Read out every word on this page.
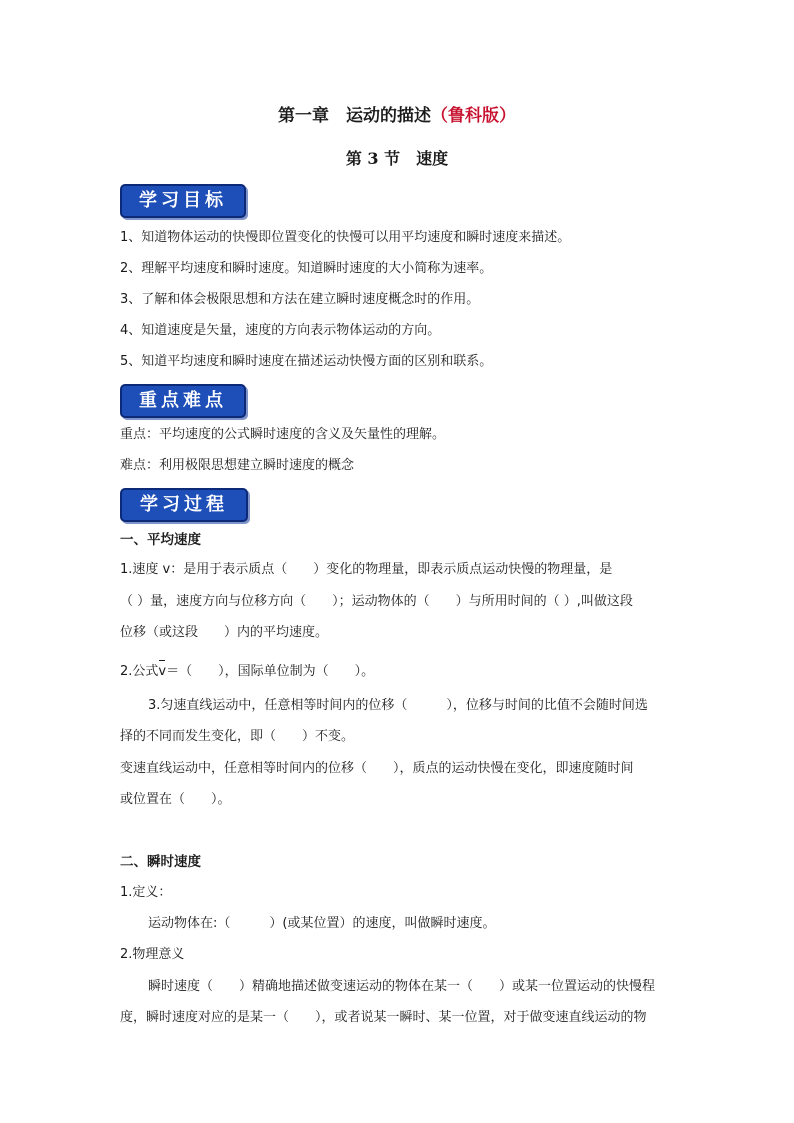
第一章　运动的描述（鲁科版）
第 3 节　速度
学习目标
1、知道物体运动的快慢即位置变化的快慢可以用平均速度和瞬时速度来描述。
2、理解平均速度和瞬时速度。知道瞬时速度的大小简称为速率。
3、了解和体会极限思想和方法在建立瞬时速度概念时的作用。
4、知道速度是矢量，速度的方向表示物体运动的方向。
5、知道平均速度和瞬时速度在描述运动快慢方面的区别和联系。
重点难点
重点：平均速度的公式瞬时速度的含义及矢量性的理解。
难点：利用极限思想建立瞬时速度的概念
学习过程
一、平均速度
1.速度 v：是用于表示质点（　　）变化的物理量，即表示质点运动快慢的物理量，是
（ ）量，速度方向与位移方向（　　）；运动物体的（　　）与所用时间的（ ）,叫做这段
位移（或这段　　）内的平均速度。
2.公式v＝（　　），国际单位制为（　　）。
3.匀速直线运动中，任意相等时间内的位移（　　　），位移与时间的比值不会随时间选
择的不同而发生变化，即（　　）不变。
变速直线运动中，任意相等时间内的位移（　　），质点的运动快慢在变化，即速度随时间
或位置在（　　）。
二、瞬时速度
1.定义：
运动物体在:（　　　）(或某位置）的速度，叫做瞬时速度。
2.物理意义
瞬时速度（　　）精确地描述做变速运动的物体在某一（　　）或某一位置运动的快慢程
度，瞬时速度对应的是某一（　　），或者说某一瞬时、某一位置，对于做变速直线运动的物
